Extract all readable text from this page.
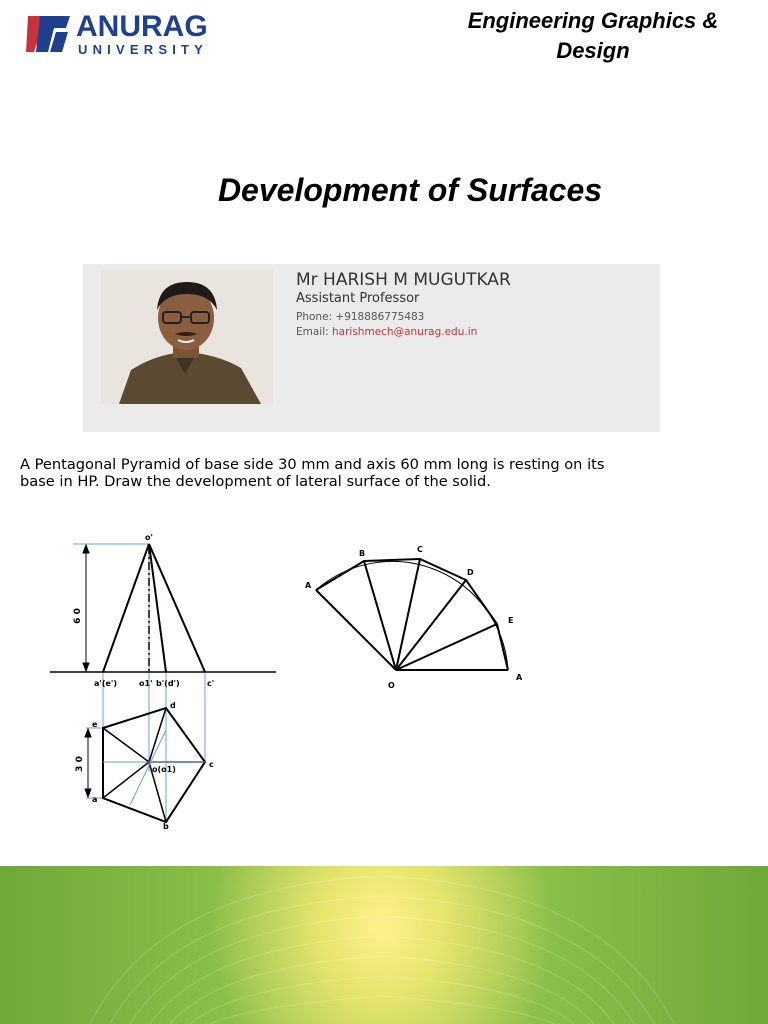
ANURAG
UNIVERSITY
Engineering Graphics &
Design
Development of Surfaces
Mr HARISH M MUGUTKAR
Assistant Professor
Phone: +918886775483
Email: harishmech@anurag.edu.in
A Pentagonal Pyramid of base side 30 mm and axis 60 mm long is resting on its
base in HP. Draw the development of lateral surface of the solid.
6 0
3 0
o'
a'(e')	o1' b'(d')	c'
e
a
b
c
d
o(o1)
A
B	C
D
E
A
O
